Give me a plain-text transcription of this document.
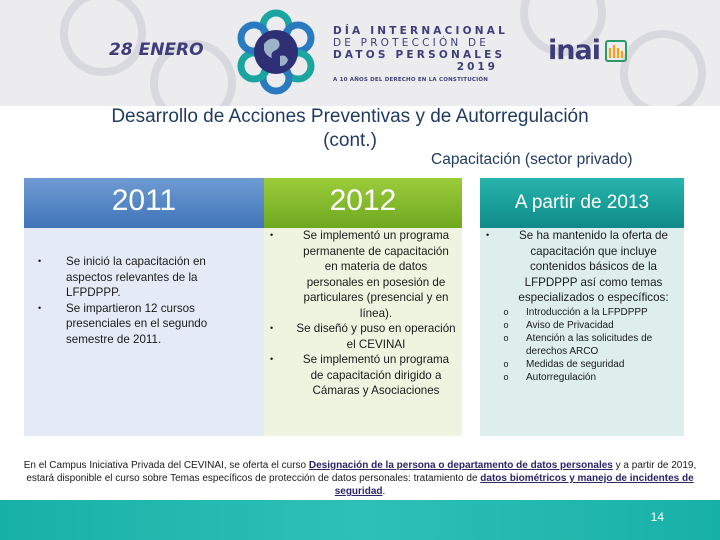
28 ENERO
DÍA INTERNACIONAL
DE PROTECCIÓN DE
DATOS PERSONALES
2019
A 10 AÑOS DEL DERECHO EN LA CONSTITUCIÓN
inai
Desarrollo de Acciones Preventivas y de Autorregulación
(cont.)
Capacitación (sector privado)
2011
•	Se inició la capacitación en aspectos relevantes de la LFPDPPP.
•	Se impartieron 12 cursos presenciales en el segundo semestre de 2011.
2012
•	Se implementó un programa permanente de capacitación en materia de datos personales en posesión de particulares (presencial y en línea).
•	Se diseñó y puso en operación el CEVINAI
•	Se implementó un programa de capacitación dirigido a Cámaras y Asociaciones
A partir de 2013
•	Se ha mantenido la oferta de capacitación que incluye contenidos básicos de la LFPDPPP así como temas especializados o específicos:
o	Introducción a la LFPDPPP
o	Aviso de Privacidad
o	Atención a las solicitudes de derechos ARCO
o	Medidas de seguridad
o	Autorregulación
En el Campus Iniciativa Privada del CEVINAI, se oferta el curso Designación de la persona o departamento de datos personales y a partir de 2019, estará disponible el curso sobre Temas específicos de protección de datos personales: tratamiento de datos biométricos y manejo de incidentes de seguridad.
14
